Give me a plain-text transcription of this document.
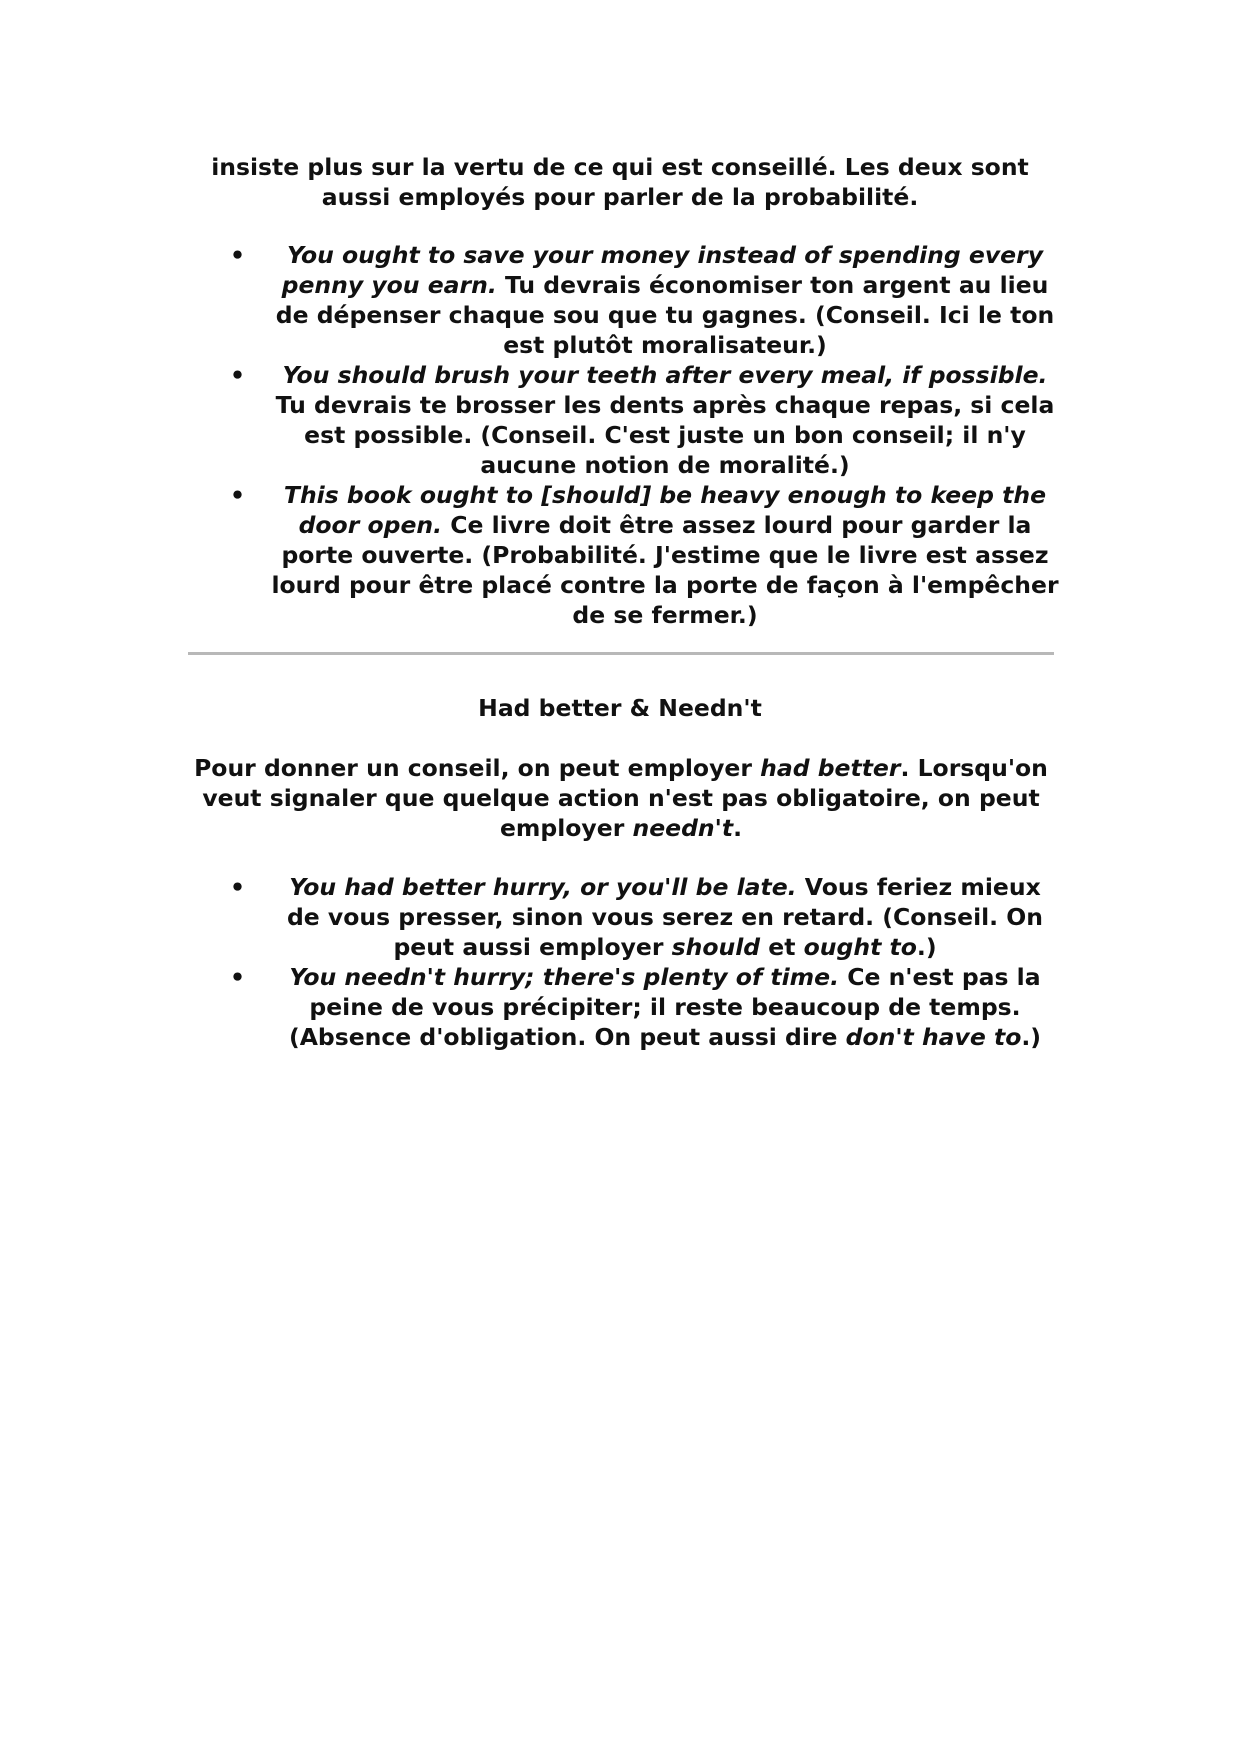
insiste plus sur la vertu de ce qui est conseillé. Les deux sont aussi employés pour parler de la probabilité.

• You ought to save your money instead of spending every penny you earn. Tu devrais économiser ton argent au lieu de dépenser chaque sou que tu gagnes. (Conseil. Ici le ton est plutôt moralisateur.)
• You should brush your teeth after every meal, if possible. Tu devrais te brosser les dents après chaque repas, si cela est possible. (Conseil. C'est juste un bon conseil; il n'y aucune notion de moralité.)
• This book ought to [should] be heavy enough to keep the door open. Ce livre doit être assez lourd pour garder la porte ouverte. (Probabilité. J'estime que le livre est assez lourd pour être placé contre la porte de façon à l'empêcher de se fermer.)
Had better & Needn't

Pour donner un conseil, on peut employer had better. Lorsqu'on veut signaler que quelque action n'est pas obligatoire, on peut employer needn't.

• You had better hurry, or you'll be late. Vous feriez mieux de vous presser, sinon vous serez en retard. (Conseil. On peut aussi employer should et ought to.)
• You needn't hurry; there's plenty of time. Ce n'est pas la peine de vous précipiter; il reste beaucoup de temps. (Absence d'obligation. On peut aussi dire don't have to.)
